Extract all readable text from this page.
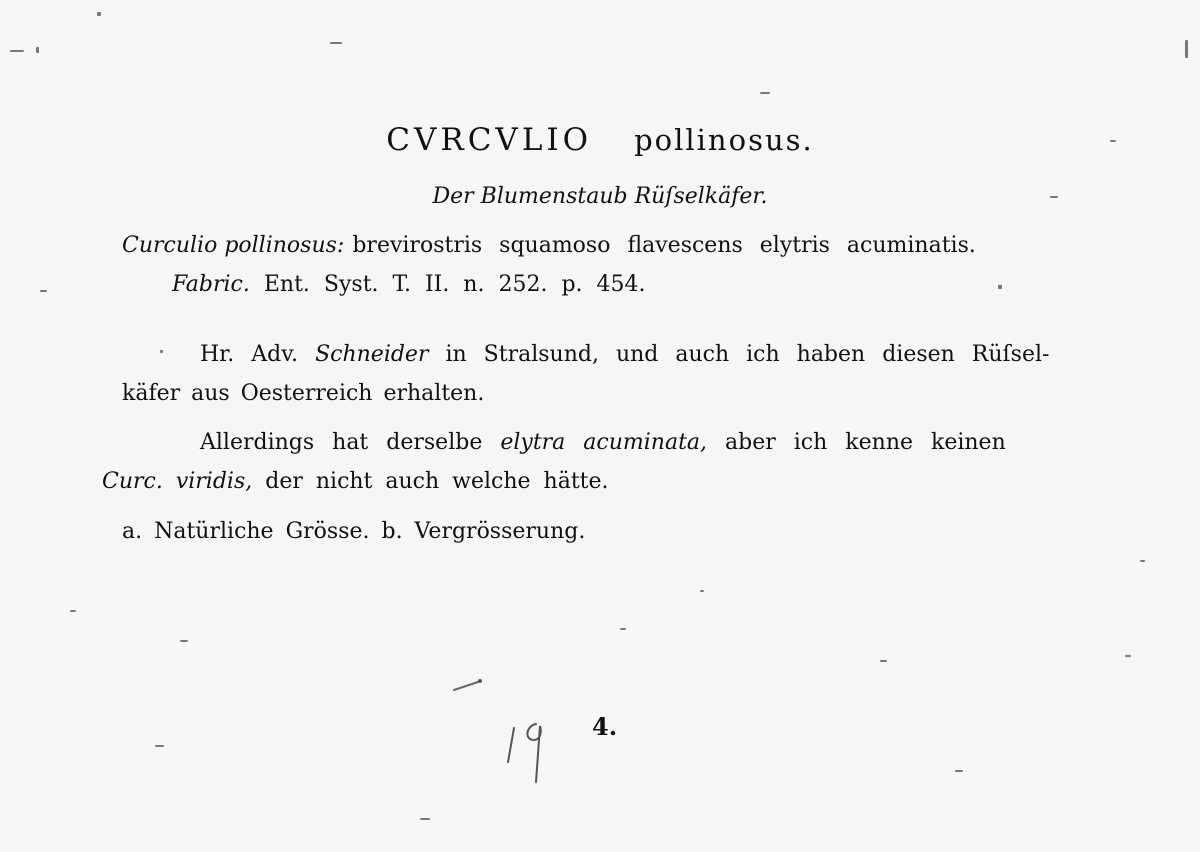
CVRCVLIO pollinosus.
Der Blumenstaub Rüſselkäfer.
Curculio pollinosus: brevirostris squamoso flavescens elytris acuminatis.
Fabric. Ent. Syst. T. II. n. 252. p. 454.
Hr. Adv. Schneider in Stralsund, und auch ich haben diesen Rüſsel-
käfer aus Oesterreich erhalten.
Allerdings hat derselbe elytra acuminata, aber ich kenne keinen
Curc. viridis, der nicht auch welche hätte.
a. Natürliche Grösse. b. Vergrösserung.
4.
